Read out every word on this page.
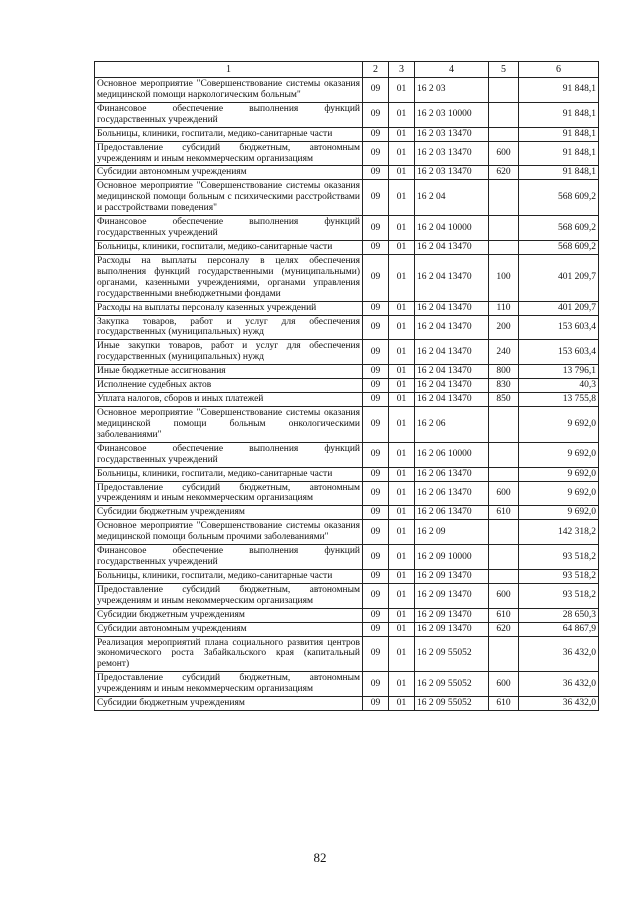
1	2	3	4	5	6
Основное мероприятие "Совершенствование системы оказания медицинской помощи наркологическим больным"	09	01	16 2 03		91 848,1
Финансовое обеспечение выполнения функций государственных учреждений	09	01	16 2 03 10000		91 848,1
Больницы, клиники, госпитали, медико-санитарные части	09	01	16 2 03 13470		91 848,1
Предоставление субсидий бюджетным, автономным учреждениям и иным некоммерческим организациям	09	01	16 2 03 13470	600	91 848,1
Субсидии автономным учреждениям	09	01	16 2 03 13470	620	91 848,1
Основное мероприятие "Совершенствование системы оказания медицинской помощи больным с психическими расстройствами и расстройствами поведения"	09	01	16 2 04		568 609,2
Финансовое обеспечение выполнения функций государственных учреждений	09	01	16 2 04 10000		568 609,2
Больницы, клиники, госпитали, медико-санитарные части	09	01	16 2 04 13470		568 609,2
Расходы на выплаты персоналу в целях обеспечения выполнения функций государственными (муниципальными) органами, казенными учреждениями, органами управления государственными внебюджетными фондами	09	01	16 2 04 13470	100	401 209,7
Расходы на выплаты персоналу казенных учреждений	09	01	16 2 04 13470	110	401 209,7
Закупка товаров, работ и услуг для обеспечения государственных (муниципальных) нужд	09	01	16 2 04 13470	200	153 603,4
Иные закупки товаров, работ и услуг для обеспечения государственных (муниципальных) нужд	09	01	16 2 04 13470	240	153 603,4
Иные бюджетные ассигнования	09	01	16 2 04 13470	800	13 796,1
Исполнение судебных актов	09	01	16 2 04 13470	830	40,3
Уплата налогов, сборов и иных платежей	09	01	16 2 04 13470	850	13 755,8
Основное мероприятие "Совершенствование системы оказания медицинской помощи больным онкологическими заболеваниями"	09	01	16 2 06		9 692,0
Финансовое обеспечение выполнения функций государственных учреждений	09	01	16 2 06 10000		9 692,0
Больницы, клиники, госпитали, медико-санитарные части	09	01	16 2 06 13470		9 692,0
Предоставление субсидий бюджетным, автономным учреждениям и иным некоммерческим организациям	09	01	16 2 06 13470	600	9 692,0
Субсидии бюджетным учреждениям	09	01	16 2 06 13470	610	9 692,0
Основное мероприятие "Совершенствование системы оказания медицинской помощи больным прочими заболеваниями"	09	01	16 2 09		142 318,2
Финансовое обеспечение выполнения функций государственных учреждений	09	01	16 2 09 10000		93 518,2
Больницы, клиники, госпитали, медико-санитарные части	09	01	16 2 09 13470		93 518,2
Предоставление субсидий бюджетным, автономным учреждениям и иным некоммерческим организациям	09	01	16 2 09 13470	600	93 518,2
Субсидии бюджетным учреждениям	09	01	16 2 09 13470	610	28 650,3
Субсидии автономным учреждениям	09	01	16 2 09 13470	620	64 867,9
Реализация мероприятий плана социального развития центров экономического роста Забайкальского края (капитальный ремонт)	09	01	16 2 09 55052		36 432,0
Предоставление субсидий бюджетным, автономным учреждениям и иным некоммерческим организациям	09	01	16 2 09 55052	600	36 432,0
Субсидии бюджетным учреждениям	09	01	16 2 09 55052	610	36 432,0
82
